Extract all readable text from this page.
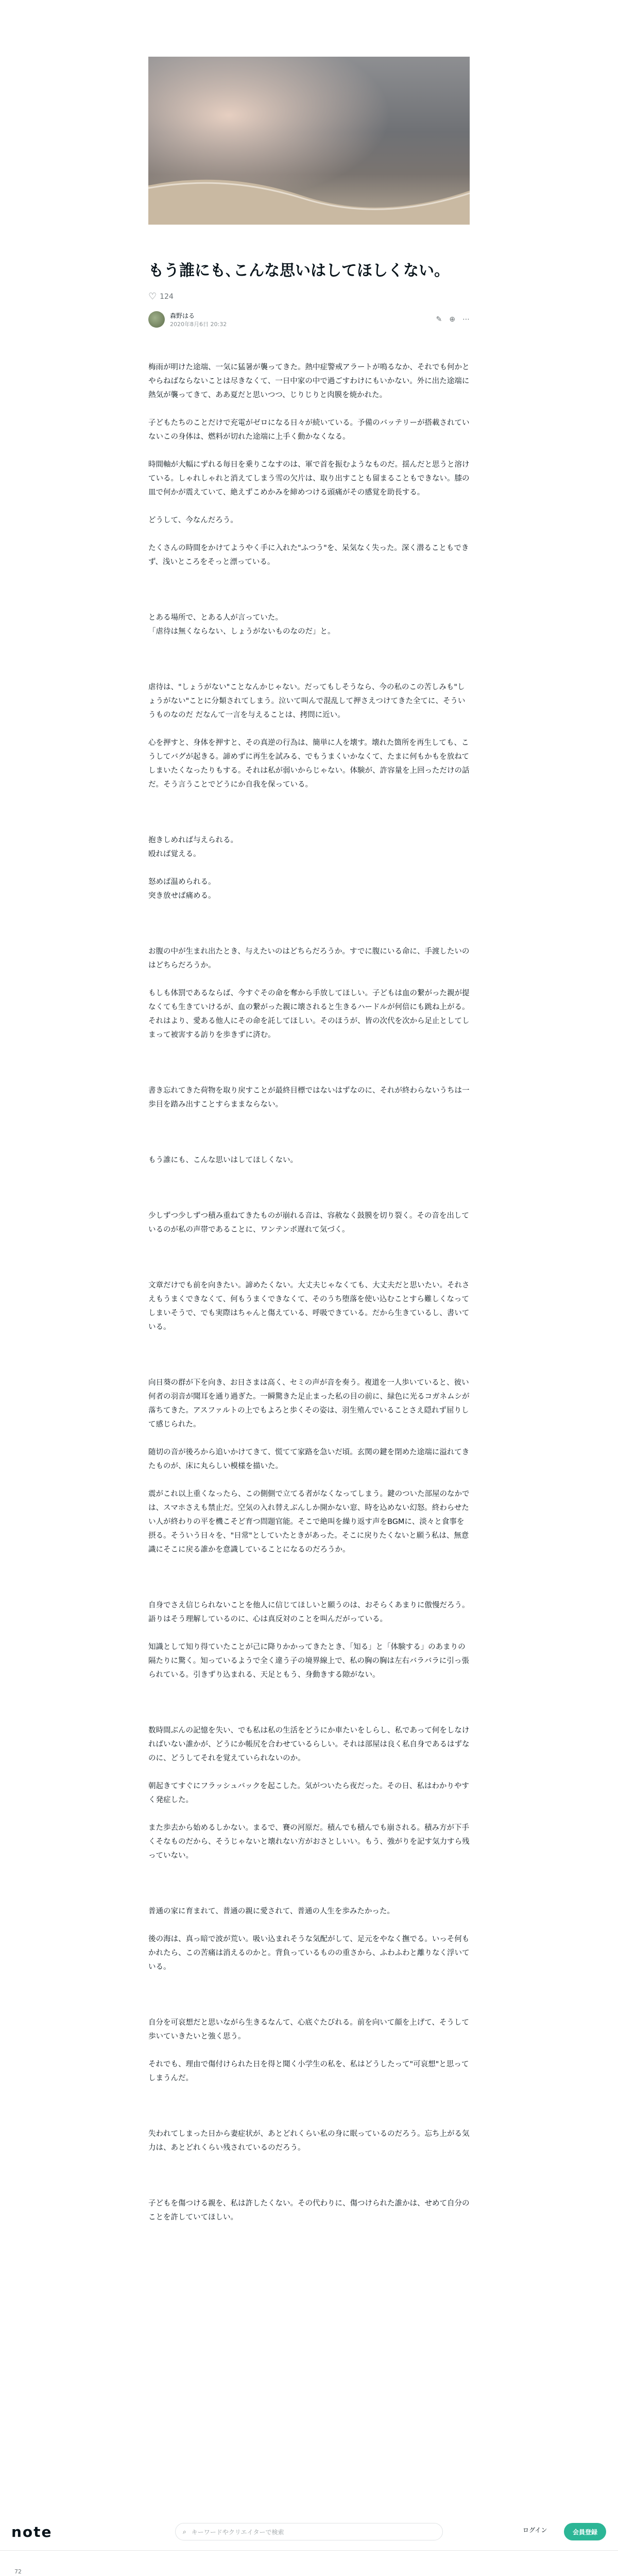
もう誰にも､こんな思いはしてほしくない｡
♡ 124
森野はる
2020年8月6日 20:32
✎ ⊕ ⋯

梅雨が明けた途端、一気に猛暑が襲ってきた。熱中症警戒アラートが鳴るなか、それでも何かとやらねばならないことは尽きなくて、一日中家の中で過ごすわけにもいかない。外に出た途端に熱気が襲ってきて、ああ夏だと思いつつ、じりじりと肉膜を焼かれた。

子どもたちのことだけで充電がゼロになる日々が続いている。予備のバッテリーが搭載されていないこの身体は、燃料が切れた途端に上手く動かなくなる。

時間軸が大幅にずれる毎日を乗りこなすのは、軍で首を振むようなものだ。揺んだと思うと溶けている。しゃれしゃれと消えてしまう雪の欠片は、取り出すことも留まることもできない。膝の皿で何かが震えていて、絶えずこめかみを締めつける頭痛がその感覚を助長する。

どうして、今なんだろう。

たくさんの時間をかけてようやく手に入れた"ふつう"を、呆気なく失った。深く潜ることもできず、浅いところをそっと漂っている。

とある場所で、とある人が言っていた。

「虐待は無くならない、しょうがないものなのだ」と。

虐待は、"しょうがない"ことなんかじゃない。だってもしそうなら、今の私のこの苦しみも"しょうがない"ことに分類されてしまう。泣いて叫んで混乱して押さえつけてきた全てに、そういうものなのだ だなんて一言を与えることは、拷問に近い。

心を押すと、身体を押すと、その真逆の行為は、簡単に人を壊す。壊れた箇所を再生しても、こうしてバグが起きる。諦めずに再生を試みる、でもうまくいかなくて、たまに何もかもを放ねてしまいたくなったりもする。それは私が弱いからじゃない。体験が、許容量を上回っただけの話だ。そう言うことでどうにか自我を保っている。

抱きしめれば与えられる。

殴れば覚える。

怒めば温められる。

突き放せば痛める。

お腹の中が生まれ出たとき、与えたいのはどちらだろうか。すでに腹にいる命に、手渡したいのはどちらだろうか。

もしも体罰であるならば、今すぐその命を奪から手放してほしい。子どもは血の繋がった親が提なくても生きていけるが、血の繋がった親に壊されると生きるハードルが何倍にも跳ね上がる。それはより、愛ある他人にその命を託してほしい。そのほうが、皆の次代を次から足止としてしまって被害する訪りを歩きずに済む。

書き忘れてきた荷物を取り戻すことが最終目標ではないはずなのに、それが終わらないうちは一歩目を踏み出すことすらままならない。

もう誰にも、こんな思いはしてほしくない。

少しずつ少しずつ積み重ねてきたものが崩れる音は、容赦なく鼓膜を切り裂く。その音を出しているのが私の声帯であることに、ワンテンポ遅れて気づく。

文章だけでも前を向きたい。諦めたくない。大丈夫じゃなくても、大丈夫だと思いたい。それさえもうまくできなくて、何もうまくできなくて、そのうち堕落を使い込むことすら難しくなってしまいそうで、でも実際はちゃんと傷えている、呼吸できている。だから生きているし、書いている。

向日葵の群が下を向き、お日さまは高く、セミの声が音を奏う。複道を一人歩いていると、彼い何者の羽音が聞耳を通り過ぎた。一瞬驚きた足止まった私の目の前に、緑色に光るコガネムシが落ちてきた。アスファルトの上でもよろと歩くその姿は、羽生殖んでいることさえ隠れず屈りして感じられた。

随切の音が後ろから追いかけてきて、慌てて家路を急いだ頃。玄関の鍵を閉めた途端に溢れてきたものが、床に丸らしい模様を描いた。

震がこれ以上重くなったら、この側側で立てる者がなくなってしまう。鍵のついた部屋のなかでは、スマホさえも禁止だ。空気の入れ替えぶんしか開かない窓、時を込めない幻怒。終わらせたい人が終わりの平を機こそど育つ問題官能。そこで絶叫を繰り返す声をBGMに、淡々と食事を摂る。そういう日々を、"日常"としていたときがあった。そこに戻りたくないと願う私は、無意識にそこに戻る誰かを意識していることになるのだろうか。

自身でさえ信じられないことを他人に信じてほしいと願うのは、おそらくあまりに傲慢だろう。語りはそう理解しているのに、心は真反対のことを叫んだがっている。

知識として知り得ていたことが己に降りかかってきたとき、「知る」と「体験する」のあまりの隔たりに驚く。知っているようで全く違う子の境界線上で、私の胸の胸は左右バラバラに引っ張られている。引きずり込まれる、天足ともう、身動きする隙がない。

数時間ぶんの記憶を失い、でも私は私の生活をどうにか車たいをしらし、私であって何をしなければいない誰かが、どうにか帳尻を合わせているらしい。それは部屋は良く私自身であるはずなのに、どうしてそれを覚えていられないのか。

朝起きてすぐにフラッシュバックを起こした。気がついたら夜だった。その日、私はわかりやすく発症した。

また歩去から始めるしかない。まるで、賽の河原だ。積んでも積んでも崩される。積み方が下手くそなものだから、そうじゃないと壊れない方がおさとしいい。もう、強がりを記す気力すら残っていない。

普通の家に育まれて、普通の親に愛されて、普通の人生を歩みたかった。

後の海は、真っ暗で波が荒い。吸い込まれそうな気配がして、足元をやなく撫でる。いっそ何もかれたら、この苦痛は消えるのかと。背負っているものの重さから、ふわふわと離りなく浮いている。

自分を可哀想だと思いながら生きるなんて、心底ぐたびれる。前を向いて顔を上げて、そうして歩いていきたいと強く思う。

それでも、理由で傷付けられた日を得と聞く小学生の私を、私はどうしたって"可哀想"と思ってしまうんだ。

失われてしまった日から妻症状が、あとどれくらい私の身に眠っているのだろう。忘ち上がる気力は、あとどれくらい残されているのだろう。

子どもを傷つける親を、私は許したくない。その代わりに、傷つけられた誰かは、せめて自分のことを許していてほしい。

note	⌕ キーワードやクリエイターで検索	ログイン	会員登録
72
